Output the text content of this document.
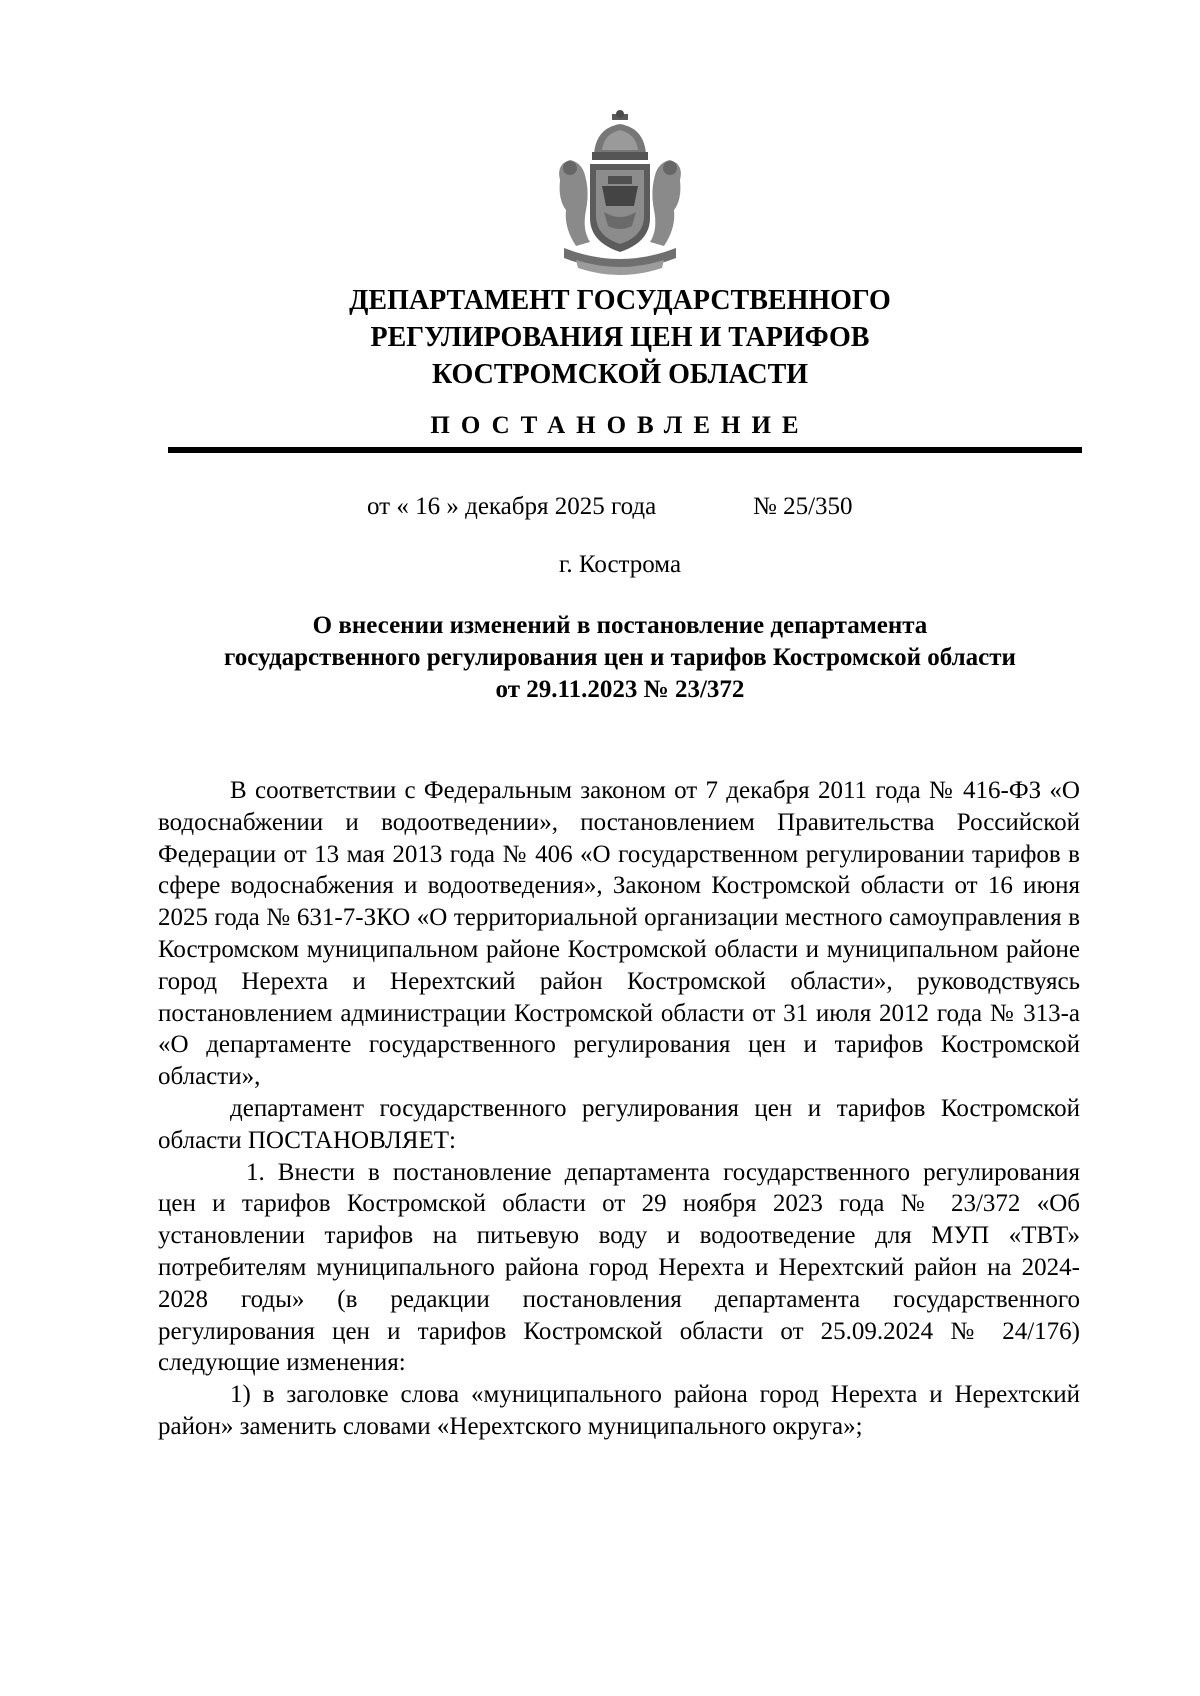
ДЕПАРТАМЕНТ ГОСУДАРСТВЕННОГО
РЕГУЛИРОВАНИЯ ЦЕН И ТАРИФОВ
КОСТРОМСКОЙ ОБЛАСТИ
ПОСТАНОВЛЕНИЕ
от « 16 » декабря 2025 года	№ 25/350
г. Кострома
О внесении изменений в постановление департамента
государственного регулирования цен и тарифов Костромской области
от 29.11.2023 № 23/372

В соответствии с Федеральным законом от 7 декабря 2011 года № 416-ФЗ «О водоснабжении и водоотведении», постановлением Правительства Российской Федерации от 13 мая 2013 года № 406 «О государственном регулировании тарифов в сфере водоснабжения и водоотведения», Законом Костромской области от 16 июня 2025 года № 631-7-ЗКО «О территориальной организации местного самоуправления в Костромском муниципальном районе Костромской области и муниципальном районе город Нерехта и Нерехтский район Костромской области», руководствуясь постановлением администрации Костромской области от 31 июля 2012 года № 313-а «О департаменте государственного регулирования цен и тарифов Костромской области»,

департамент государственного регулирования цен и тарифов Костромской области ПОСТАНОВЛЯЕТ:

1. Внести в постановление департамента государственного регулирования цен и тарифов Костромской области от 29 ноября 2023 года № 23/372 «Об установлении тарифов на питьевую воду и водоотведение для МУП «ТВТ» потребителям муниципального района город Нерехта и Нерехтский район на 2024-2028 годы» (в редакции постановления департамента государственного регулирования цен и тарифов Костромской области от 25.09.2024 № 24/176) следующие изменения:

1) в заголовке слова «муниципального района город Нерехта и Нерехтский район» заменить словами «Нерехтского муниципального округа»;
